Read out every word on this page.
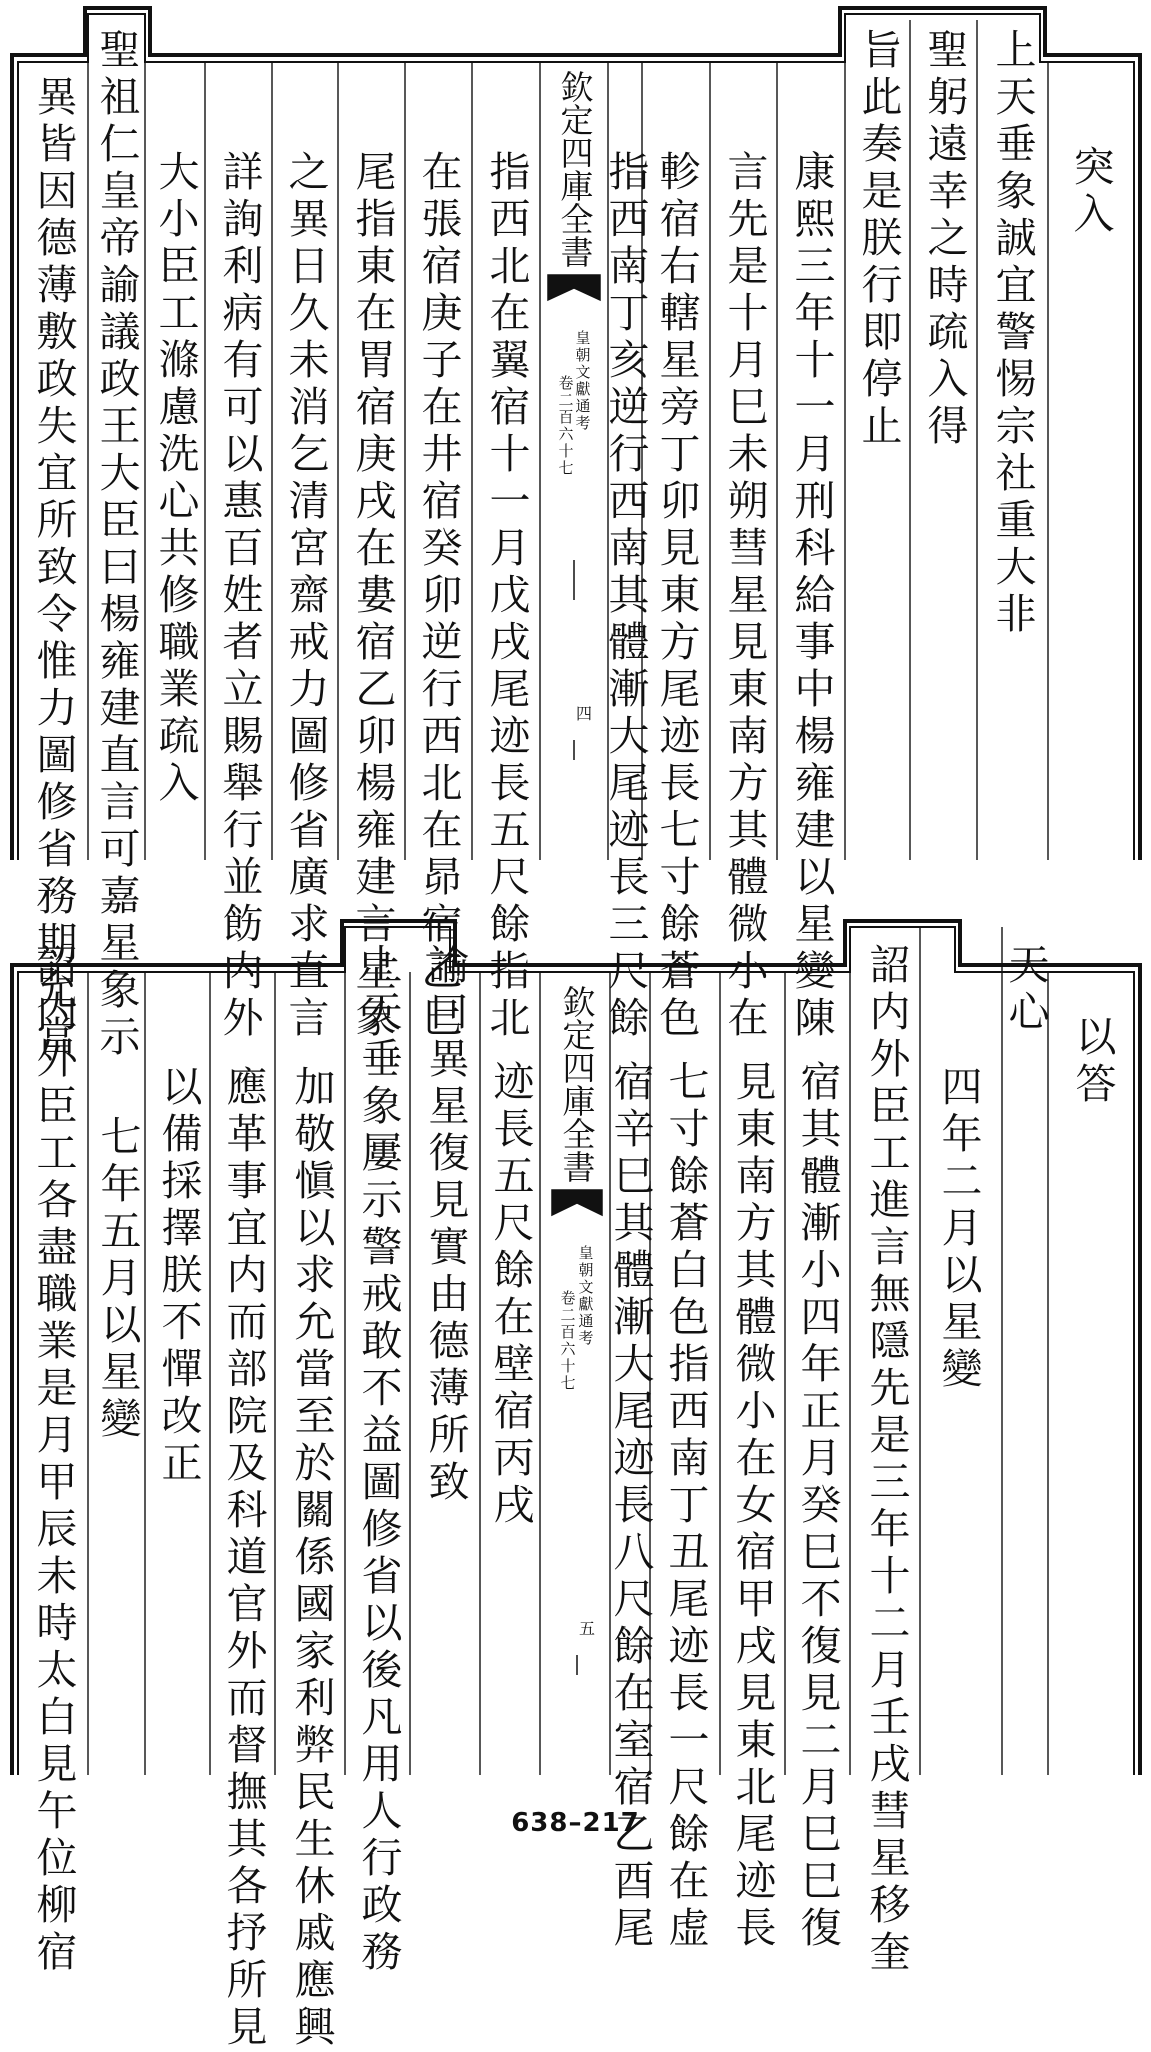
欽定四庫全書
皇朝文獻通考
卷二百六十七
四
突入
上天垂象誠宜警惕宗社重大非
聖躬遠幸之時疏入得
旨此奏是朕行即停止
康熙三年十一月刑科給事中楊雍建以星變陳
言先是十月巳未朔彗星見東南方其體微小在
軫宿右轄星旁丁卯見東方尾迹長七寸餘蒼色
指西南丁亥逆行西南其體漸大尾迹長三尺餘
指西北在翼宿十一月戊戌尾迹長五尺餘指北
在張宿庚子在井宿癸卯逆行西北在昴宿乙巳
尾指東在胃宿庚戌在婁宿乙卯楊雍建言星象
之異日久未消乞清宮齋戒力圖修省廣求直言
詳詢利病有可以惠百姓者立賜舉行並飭内外
大小臣工滌慮洗心共修職業疏入
聖祖仁皇帝諭議政王大臣曰楊雍建直言可嘉星象示
異皆因德薄敷政失宜所致令惟力圖修省務期允當
欽定四庫全書
皇朝文獻通考
卷二百六十七
五
以答
天心
四年二月以星變
詔内外臣工進言無隱先是三年十二月壬戌彗星移奎
宿其體漸小四年正月癸巳不復見二月巳巳復
見東南方其體微小在女宿甲戌見東北尾迹長
七寸餘蒼白色指西南丁丑尾迹長一尺餘在虚
宿辛巳其體漸大尾迹長八尺餘在室宿乙酉尾
迹長五尺餘在壁宿丙戌
諭曰異星復見實由德薄所致
上天垂象屢示警戒敢不益圖修省以後凡用人行政務
加敬愼以求允當至於關係國家利弊民生休戚應興
應革事宜内而部院及科道官外而督撫其各抒所見
以備採擇朕不憚改正
七年五月以星變
詔内外臣工各盡職業是月甲辰未時太白見午位柳宿	638–217
